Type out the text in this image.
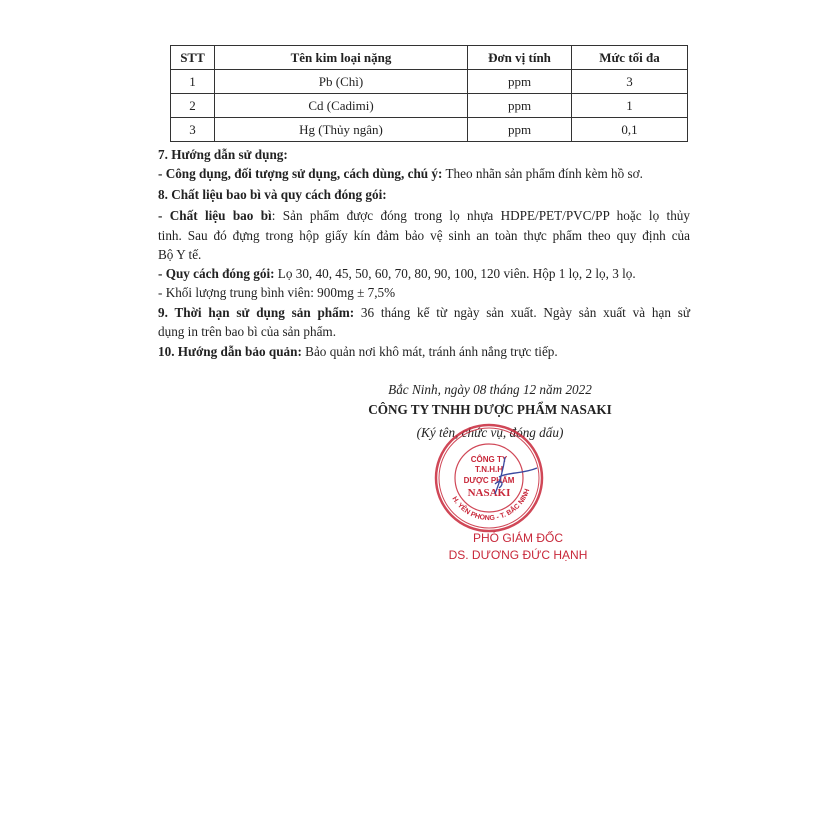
STT	Tên kim loại nặng	Đơn vị tính	Mức tối đa
1	Pb (Chì)	ppm	3
2	Cd (Cadimi)	ppm	1
3	Hg (Thủy ngân)	ppm	0,1
7. Hướng dẫn sử dụng:
- Công dụng, đối tượng sử dụng, cách dùng, chú ý: Theo nhãn sản phẩm đính kèm hồ sơ.
8. Chất liệu bao bì và quy cách đóng gói:
- Chất liệu bao bì: Sản phẩm được đóng trong lọ nhựa HDPE/PET/PVC/PP hoặc lọ thủy
tinh. Sau đó đựng trong hộp giấy kín đảm bảo vệ sinh an toàn thực phẩm theo quy định của
Bộ Y tế.
- Quy cách đóng gói: Lọ 30, 40, 45, 50, 60, 70, 80, 90, 100, 120 viên. Hộp 1 lọ, 2 lọ, 3 lọ.
- Khối lượng trung bình viên: 900mg ± 7,5%
9. Thời hạn sử dụng sản phẩm: 36 tháng kể từ ngày sản xuất. Ngày sản xuất và hạn sử
dụng in trên bao bì của sản phẩm.
10. Hướng dẫn bảo quản: Bảo quản nơi khô mát, tránh ánh nắng trực tiếp.
Bắc Ninh, ngày 08 tháng 12 năm 2022
CÔNG TY TNHH DƯỢC PHẨM NASAKI
(Ký tên, chức vụ, đóng dấu)
H. YÊN PHONG - T. BẮC NINH
CÔNG TY
T.N.H.H
DƯỢC PHẨM
NASAKI
PHÓ GIÁM ĐỐC
DS. DƯƠNG ĐỨC HẠNH
